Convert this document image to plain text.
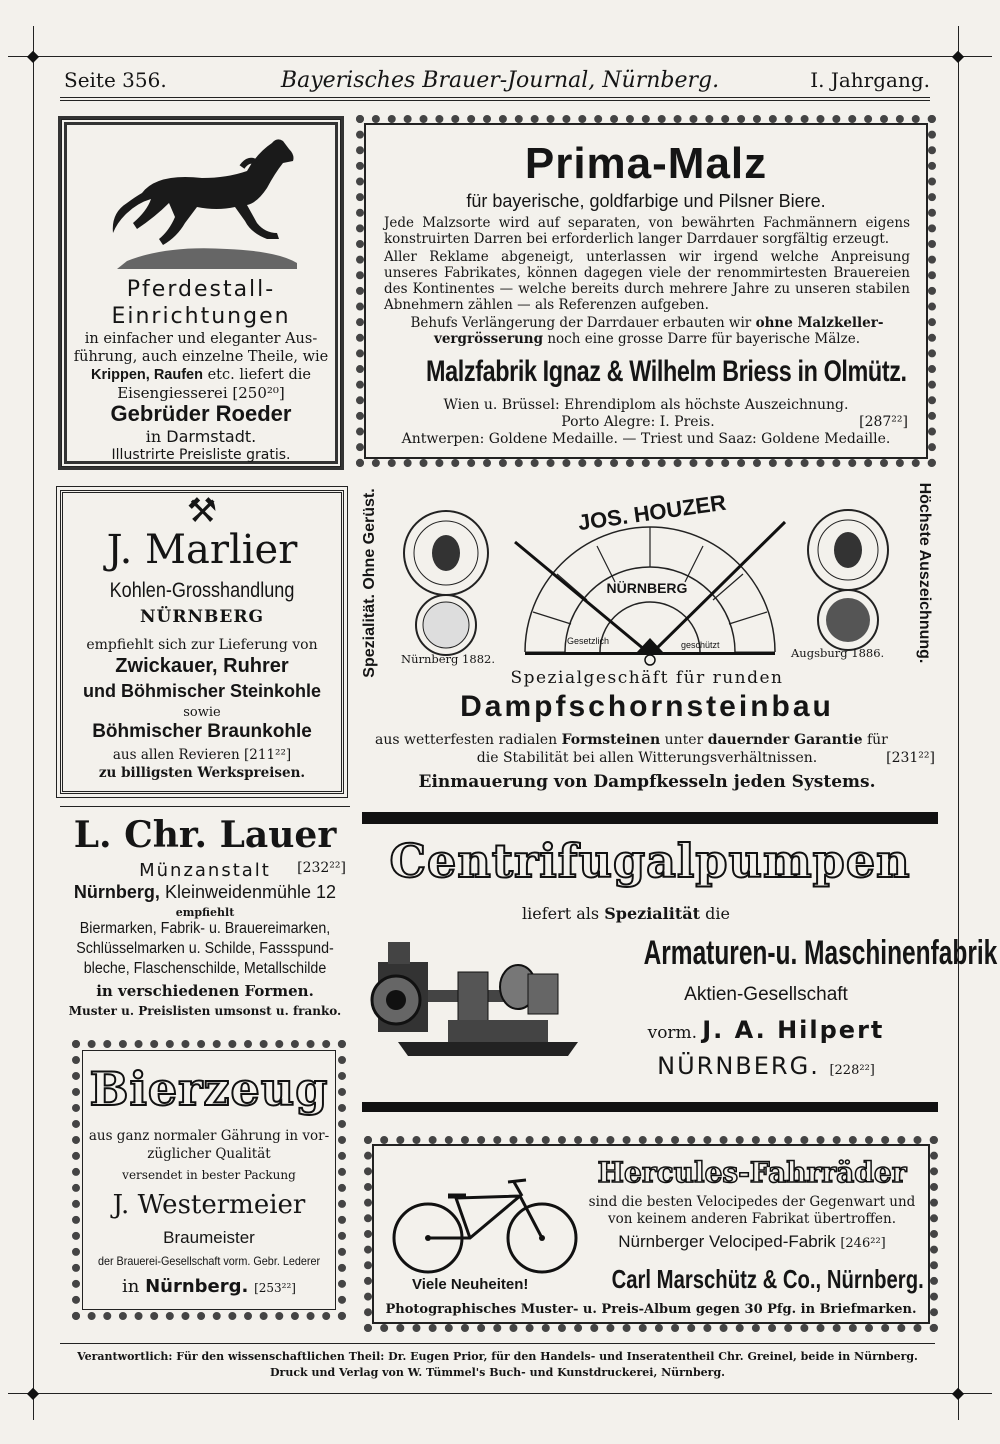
◆	◆
◆	◆
Seite 356.	Bayerisches Brauer-Journal, Nürnberg.	I. Jahrgang.
Pferdestall-
Einrichtungen
in einfacher und eleganter Aus-
führung, auch einzelne Theile, wie
Krippen, Raufen etc. liefert die
Eisengiesserei [250²⁰]
Gebrüder Roeder
in Darmstadt.
Illustrirte Preisliste gratis.
Prima-Malz
für bayerische, goldfarbige und Pilsner Biere.
Jede Malzsorte wird auf separaten, von bewährten Fachmännern eigens konstruirten Darren bei erforderlich langer Darrdauer sorgfältig erzeugt.
Aller Reklame abgeneigt, unterlassen wir irgend welche Anpreisung unseres Fabrikates, können dagegen viele der renommirtesten Brauereien des Kontinentes — welche bereits durch mehrere Jahre zu unseren stabilen Abnehmern zählen — als Referenzen aufgeben.
Behufs Verlängerung der Darrdauer erbauten wir ohne Malzkeller-
vergrösserung noch eine grosse Darre für bayerische Mälze.
Malzfabrik Ignaz & Wilhelm Briess in Olmütz.
Wien u. Brüssel: Ehrendiplom als höchste Auszeichnung.
Porto Alegre: I. Preis.	[287²²]
Antwerpen: Goldene Medaille. — Triest und Saaz: Goldene Medaille.
⚒
J. Marlier
Kohlen-Grosshandlung
NÜRNBERG
empfiehlt sich zur Lieferung von
Zwickauer, Ruhrer
und Böhmischer Steinkohle
sowie
Böhmischer Braunkohle
aus allen Revieren [211²²]
zu billigsten Werkspreisen.
Spezialität. Ohne Gerüst.	Höchste Auszeichnung.
Nürnberg 1882.
JOS. HOUZER
NÜRNBERG
Gesetzlich	geschützt
Augsburg 1886.
Spezialgeschäft für runden
Dampfschornsteinbau
aus wetterfesten radialen Formsteinen unter dauernder Garantie für
die Stabilität bei allen Witterungsverhältnissen.	[231²²]
Einmauerung von Dampfkesseln jeden Systems.
L. Chr. Lauer
Münzanstalt [232²²]
Nürnberg, Kleinweidenmühle 12
empfiehlt
Biermarken, Fabrik- u. Brauereimarken,
Schlüsselmarken u. Schilde, Fassspund-
bleche, Flaschenschilde, Metallschilde
in verschiedenen Formen.
Muster u. Preislisten umsonst u. franko.
Centrifugalpumpen
liefert als Spezialität die
Armaturen-u. Maschinenfabrik
Aktien-Gesellschaft
vorm. J. A. Hilpert
NÜRNBERG. [228²²]
Bierzeug
aus ganz normaler Gährung in vor-
züglicher Qualität
versendet in bester Packung
J. Westermeier
Braumeister
der Brauerei-Gesellschaft vorm. Gebr. Lederer
in Nürnberg. [253²²]
Hercules-Fahrräder
sind die besten Velocipedes der Gegenwart und
von keinem anderen Fabrikat übertroffen.
Nürnberger Velociped-Fabrik [246²²]
Viele Neuheiten!	Carl Marschütz & Co., Nürnberg.
Photographisches Muster- u. Preis-Album gegen 30 Pfg. in Briefmarken.
Verantwortlich: Für den wissenschaftlichen Theil: Dr. Eugen Prior, für den Handels- und Inseratentheil Chr. Greinel, beide in Nürnberg.
Druck und Verlag von W. Tümmel's Buch- und Kunstdruckerei, Nürnberg.
